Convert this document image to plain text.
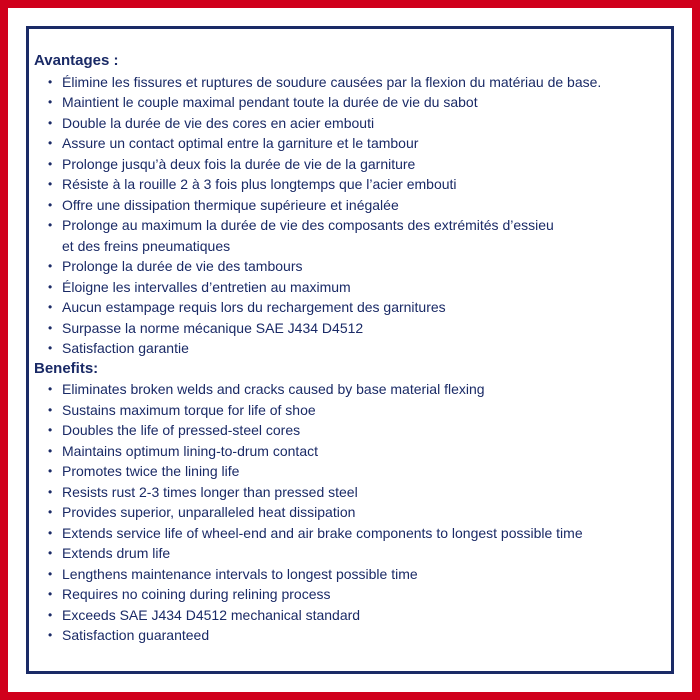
Avantages :
• Élimine les fissures et ruptures de soudure causées par la flexion du matériau de base.
• Maintient le couple maximal pendant toute la durée de vie du sabot
• Double la durée de vie des cores en acier embouti
• Assure un contact optimal entre la garniture et le tambour
• Prolonge jusqu’à deux fois la durée de vie de la garniture
• Résiste à la rouille 2 à 3 fois plus longtemps que l’acier embouti
• Offre une dissipation thermique supérieure et inégalée
• Prolonge au maximum la durée de vie des composants des extrémités d’essieu
et des freins pneumatiques
• Prolonge la durée de vie des tambours
• Éloigne les intervalles d’entretien au maximum
• Aucun estampage requis lors du rechargement des garnitures
• Surpasse la norme mécanique SAE J434 D4512
• Satisfaction garantie
Benefits:
• Eliminates broken welds and cracks caused by base material flexing
• Sustains maximum torque for life of shoe
• Doubles the life of pressed-steel cores
• Maintains optimum lining-to-drum contact
• Promotes twice the lining life
• Resists rust 2-3 times longer than pressed steel
• Provides superior, unparalleled heat dissipation
• Extends service life of wheel-end and air brake components to longest possible time
• Extends drum life
• Lengthens maintenance intervals to longest possible time
• Requires no coining during relining process
• Exceeds SAE J434 D4512 mechanical standard
• Satisfaction guaranteed
